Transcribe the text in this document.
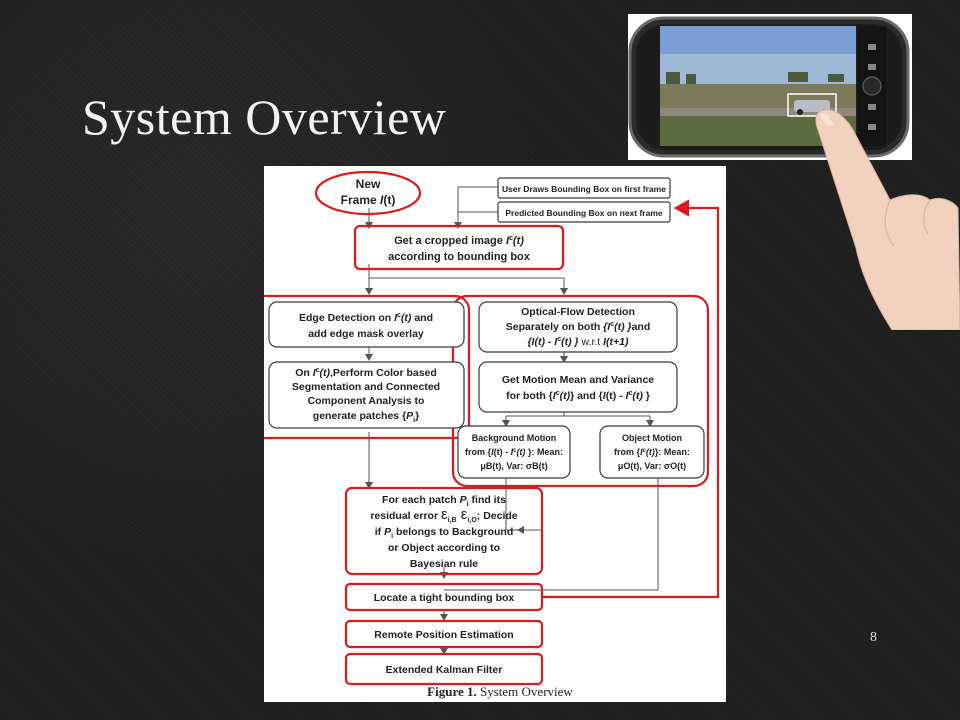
System Overview
New
Frame I(t)
User Draws Bounding Box on first frame
Predicted Bounding Box on next frame
Get a cropped image $I^c(t)$
according to bounding box
Edge Detection on $I^c(t)$ and
add edge mask overlay
On $I^c(t),Perform$ Color based
Segmentation and Connected
Component Analysis to
generate patches $\{P_i\}$
Optical-Flow Detection
Separately on both {$I^c(t)$ }and
{$I(t) - I^c(t)$ } w.r.t I(t+1)
Get Motion Mean and Variance
for both $\{I^c(t)\}$ and {$I(t) - I^c(t)$ }
Background Motion
from {$I(t) - I^c(t)$ }: Mean:
μB(t), Var: σB(t)
Object Motion
from $\{I^c(t)\}$: Mean:
μO(t), Var: σO(t)
For each patch $P_i$ find its
residual error $\varepsilon_{i,B}$ $\varepsilon_{i,O}$; Decide
if $P_i$ belongs to Background
or Object according to
Bayesian rule
Locate a tight bounding box
Remote Position Estimation
Extended Kalman Filter
Figure 1. System Overview
8
